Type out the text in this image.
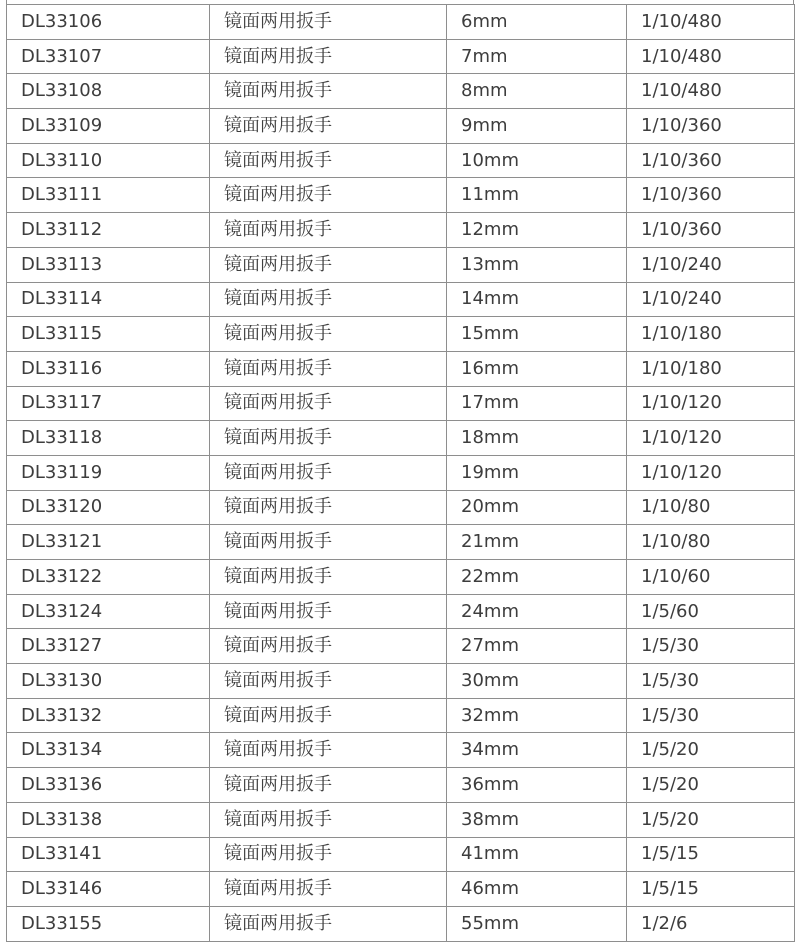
DL33106	镜面两用扳手	6mm	1/10/480
DL33107	镜面两用扳手	7mm	1/10/480
DL33108	镜面两用扳手	8mm	1/10/480
DL33109	镜面两用扳手	9mm	1/10/360
DL33110	镜面两用扳手	10mm	1/10/360
DL33111	镜面两用扳手	11mm	1/10/360
DL33112	镜面两用扳手	12mm	1/10/360
DL33113	镜面两用扳手	13mm	1/10/240
DL33114	镜面两用扳手	14mm	1/10/240
DL33115	镜面两用扳手	15mm	1/10/180
DL33116	镜面两用扳手	16mm	1/10/180
DL33117	镜面两用扳手	17mm	1/10/120
DL33118	镜面两用扳手	18mm	1/10/120
DL33119	镜面两用扳手	19mm	1/10/120
DL33120	镜面两用扳手	20mm	1/10/80
DL33121	镜面两用扳手	21mm	1/10/80
DL33122	镜面两用扳手	22mm	1/10/60
DL33124	镜面两用扳手	24mm	1/5/60
DL33127	镜面两用扳手	27mm	1/5/30
DL33130	镜面两用扳手	30mm	1/5/30
DL33132	镜面两用扳手	32mm	1/5/30
DL33134	镜面两用扳手	34mm	1/5/20
DL33136	镜面两用扳手	36mm	1/5/20
DL33138	镜面两用扳手	38mm	1/5/20
DL33141	镜面两用扳手	41mm	1/5/15
DL33146	镜面两用扳手	46mm	1/5/15
DL33155	镜面两用扳手	55mm	1/2/6
